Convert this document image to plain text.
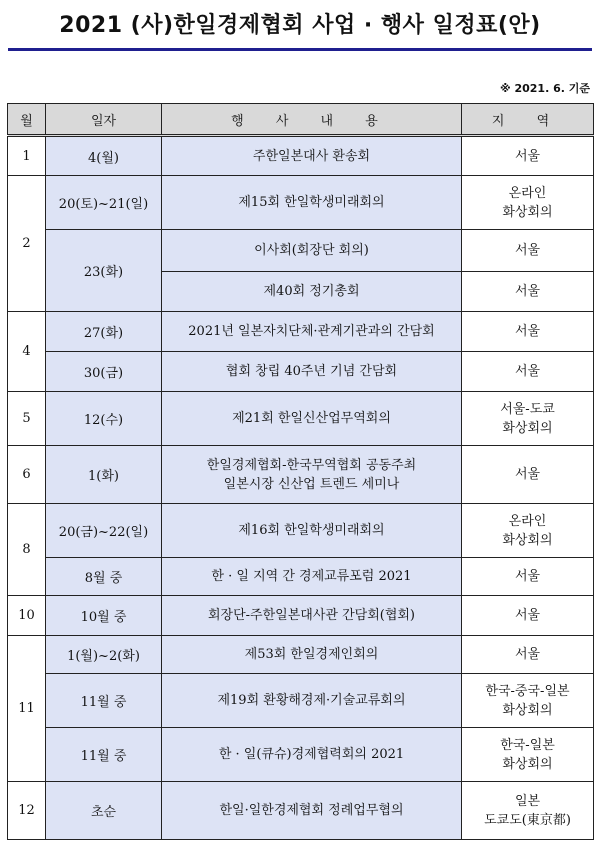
2021 (사)한일경제협회 사업 · 행사 일정표(안)
※ 2021. 6. 기준
월	일자	행 사 내 용	지 역
1	4(월)	주한일본대사 환송회	서울

2	20(토)~21(일)	제15회 한일학생미래회의	온라인
화상회의

	23(화)	이사회(회장단 회의)	서울

		제40회 정기총회	서울

4	27(화)	2021년 일본자치단체·관계기관과의 간담회	서울

	30(금)	협회 창립 40주년 기념 간담회	서울

5	12(수)	제21회 한일신산업무역회의	서울-도쿄
화상회의

6	1(화)	한일경제협회-한국무역협회 공동주최
일본시장 신산업 트렌드 세미나	서울

8	20(금)~22(일)	제16회 한일학생미래회의	온라인
화상회의

	8월 중	한 · 일 지역 간 경제교류포럼 2021	서울

10	10월 중	회장단-주한일본대사관 간담회(협회)	서울

11	1(월)~2(화)	제53회 한일경제인회의	서울

	11월 중	제19회 환황해경제·기술교류회의	한국-중국-일본
화상회의

	11월 중	한 · 일(큐슈)경제협력회의 2021	한국-일본
화상회의

12	초순	한일·일한경제협회 정례업무협의	일본
도쿄도(東京都)
